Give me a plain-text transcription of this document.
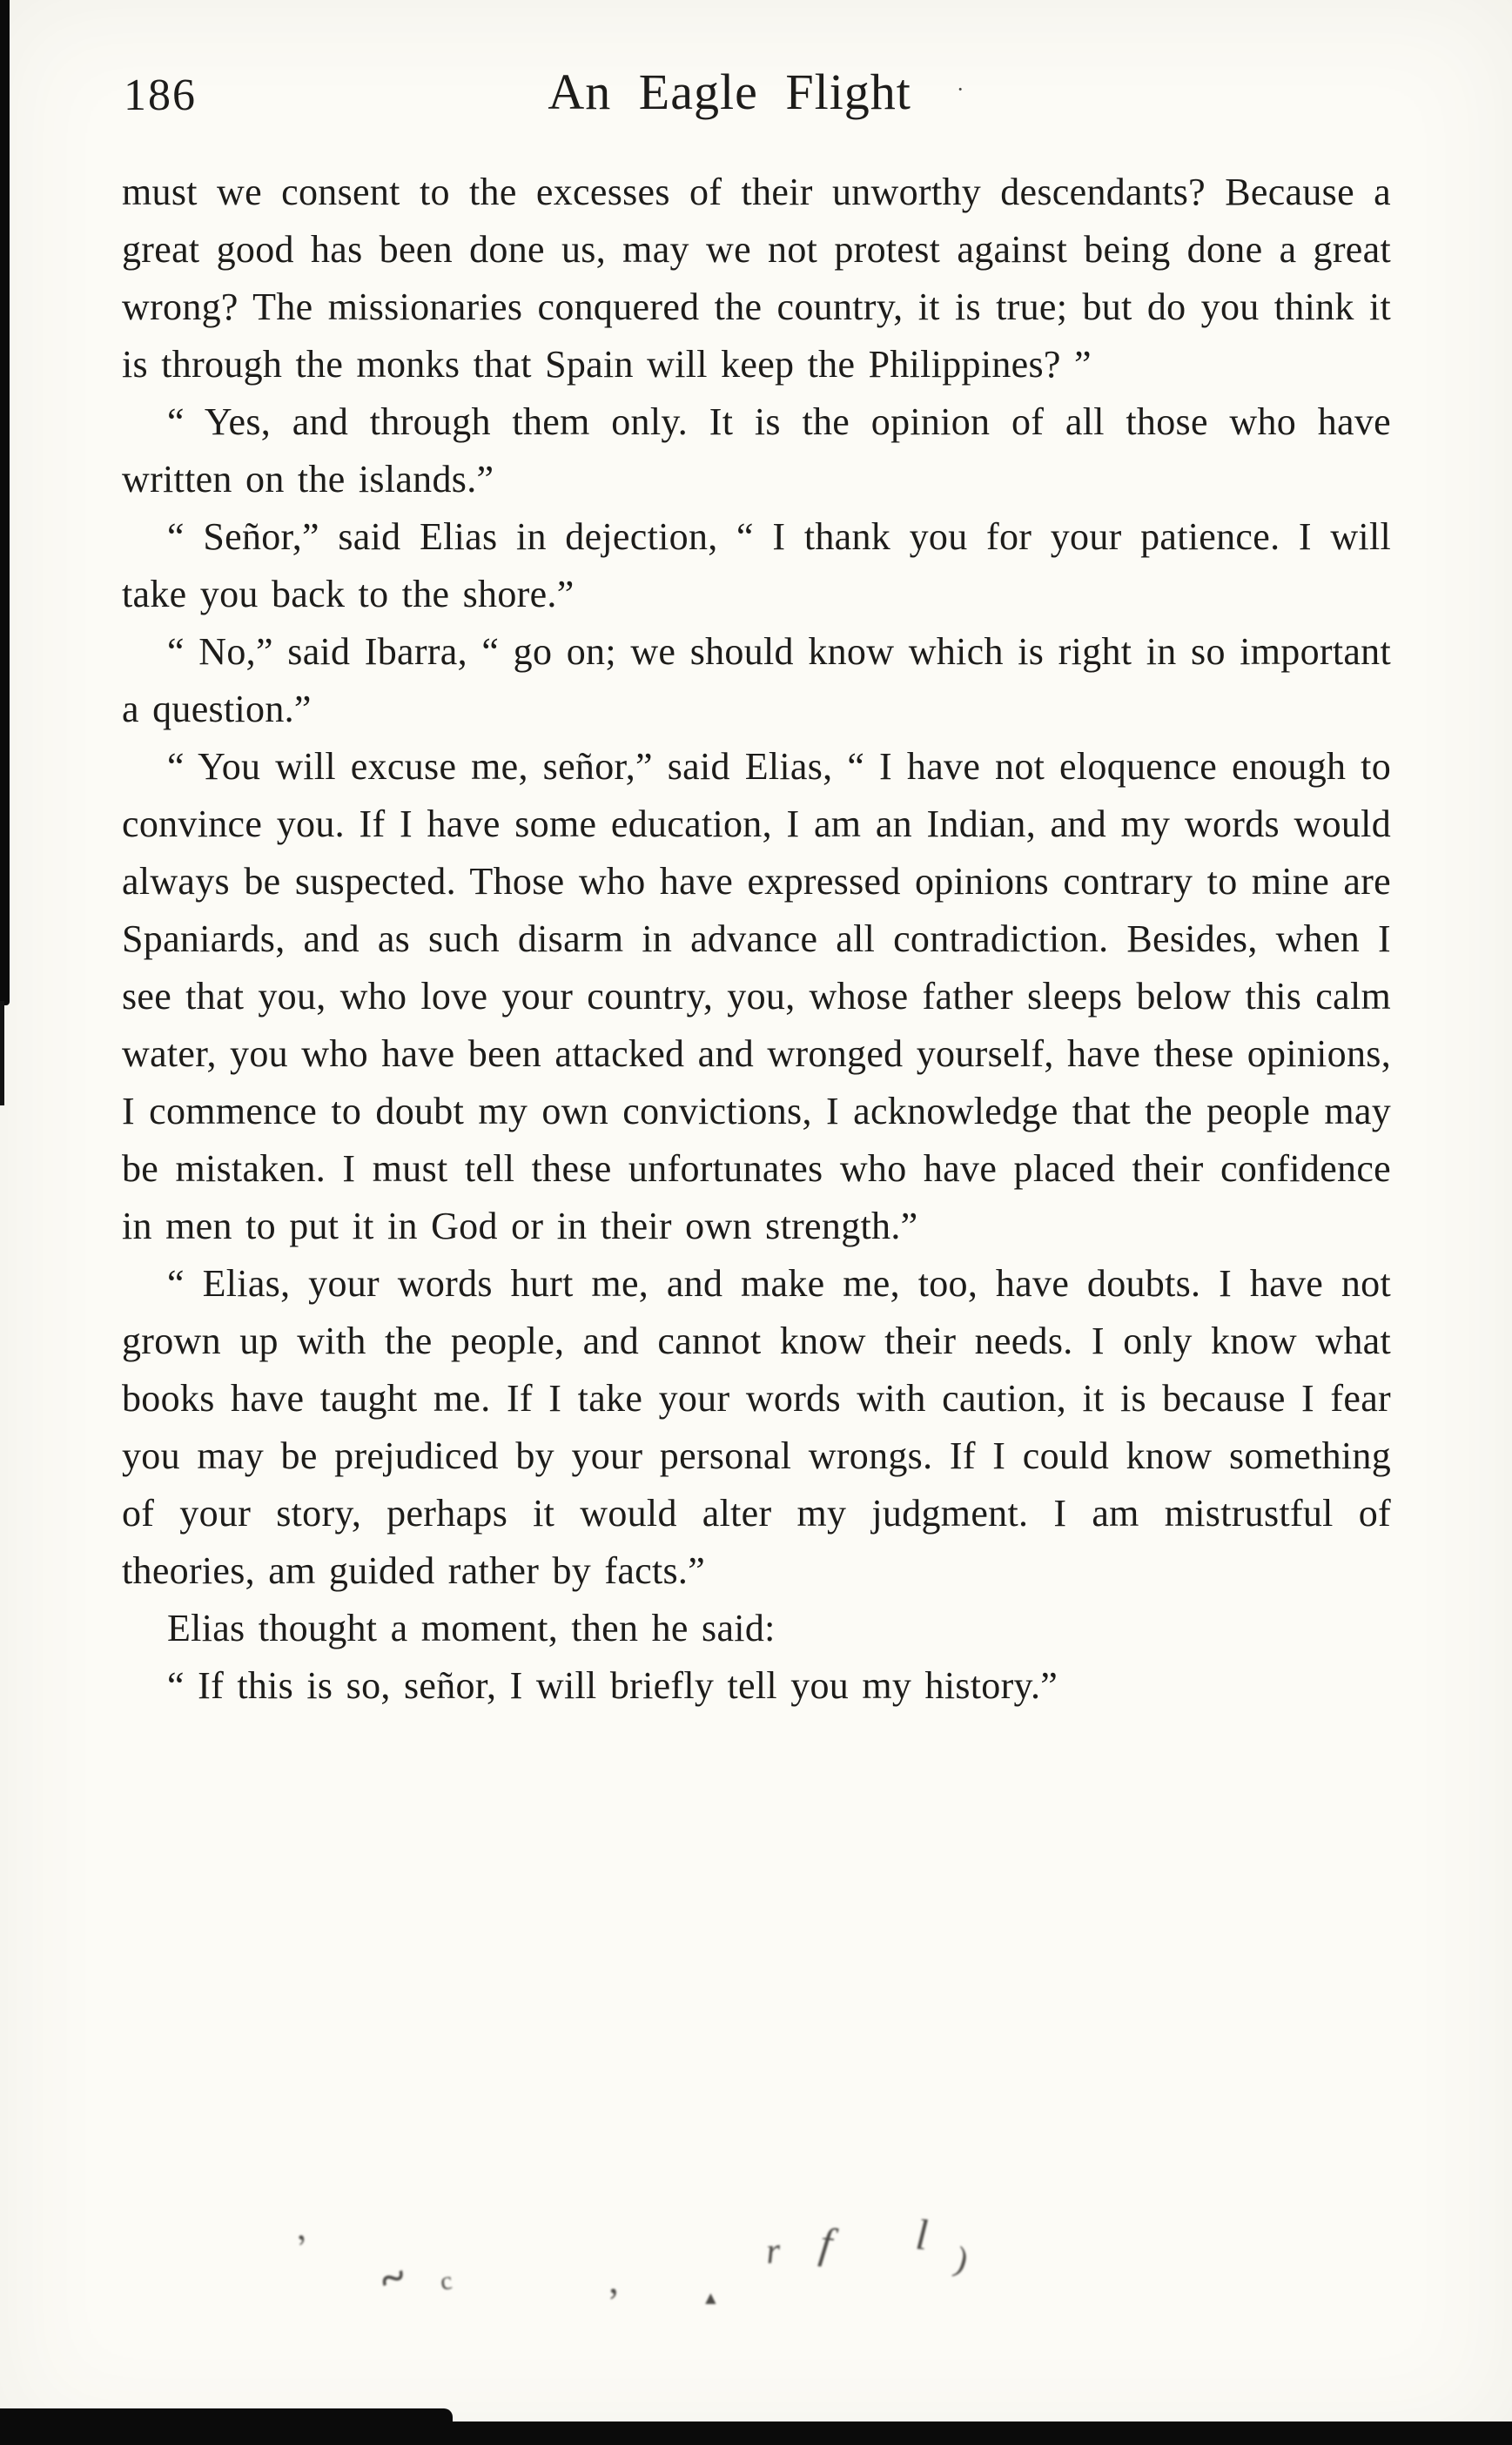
186	An Eagle Flight ·

must we consent to the excesses of their unworthy descendants? Because a great good has been done us, may we not protest against being done a great wrong? The missionaries conquered the country, it is true; but do you think it is through the monks that Spain will keep the Philippines? ”

“ Yes, and through them only. It is the opinion of all those who have written on the islands.”

“ Señor,” said Elias in dejection, “ I thank you for your patience. I will take you back to the shore.”

“ No,” said Ibarra, “ go on; we should know which is right in so important a question.”

“ You will excuse me, señor,” said Elias, “ I have not eloquence enough to convince you. If I have some education, I am an Indian, and my words would always be suspected. Those who have expressed opinions contrary to mine are Spaniards, and as such disarm in advance all contradiction. Besides, when I see that you, who love your country, you, whose father sleeps below this calm water, you who have been attacked and wronged yourself, have these opinions, I commence to doubt my own convictions, I acknowledge that the people may be mistaken. I must tell these unfortunates who have placed their confidence in men to put it in God or in their own strength.”

“ Elias, your words hurt me, and make me, too, have doubts. I have not grown up with the people, and cannot know their needs. I only know what books have taught me. If I take your words with caution, it is because I fear you may be prejudiced by your personal wrongs. If I could know something of your story, perhaps it would alter my judgment. I am mistrustful of theories, am guided rather by facts.”

Elias thought a moment, then he said:

“ If this is so, señor, I will briefly tell you my history.”

’
~ c	,	▲
r f l
)
